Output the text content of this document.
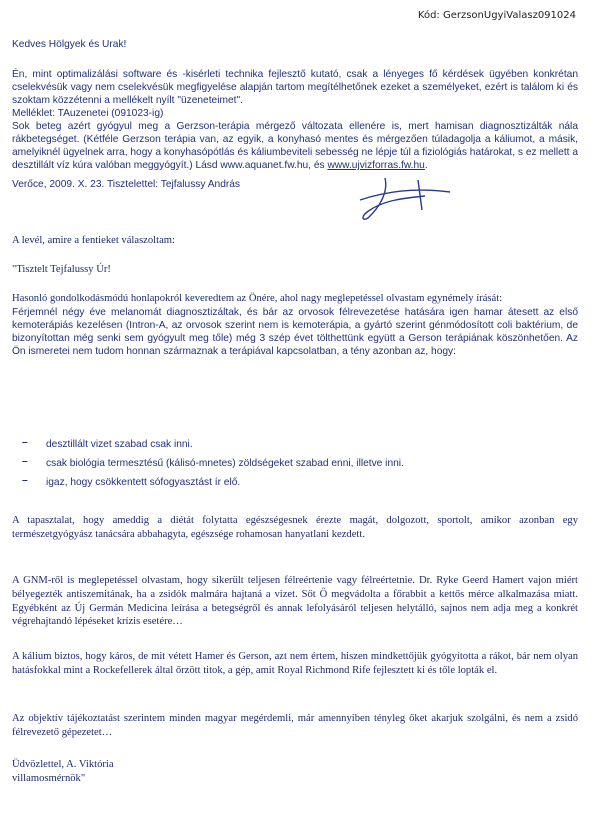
Kód: GerzsonUgyiValasz091024

Kedves Hölgyek és Urak!

Én, mint optimalizálási software és -kisérleti technika fejlesztő kutató, csak a lényeges fő kérdések ügyében konkrétan cselekvésük vagy nem cselekvésük megfigyelése alapján tartom megítélhetőnek ezeket a személyeket, ezért is találom ki és szoktam közzétenni a mellékelt nyílt "üzeneteimet".

Melléklet: TAuzenetei (091023-ig)

Sok beteg azért gyógyul meg a Gerzson-terápia mérgező változata ellenére is, mert hamisan diagnosztizálták nála rákbetegséget. (Kétféle Gerzson terápia van, az egyik, a konyhasó mentes és mérgezően túladagolja a káliumot, a másik, amelyiknél ügyelnek arra, hogy a konyhasópótlás és káliumbeviteli sebesség ne lépje túl a fiziológiás határokat, s ez mellett a desztillált víz kúra valóban meggyógyít.) Lásd www.aquanet.fw.hu, és www.ujvizforras.fw.hu.

Verőce, 2009. X. 23. Tisztelettel: Tejfalussy András

A levél, amire a fentieket válaszoltam:

"Tisztelt Tejfalussy Úr!

Hasonló gondolkodásmódú honlapokról keveredtem az Önére, ahol nagy meglepetéssel olvastam egynémely írását:

Férjemnél négy éve melanomát diagnosztizáltak, és bár az orvosok félrevezetése hatására igen hamar átesett az első kemoterápiás kezelésen (Intron-A, az orvosok szerint nem is kemoterápia, a gyártó szerint génmódosított coli baktérium, de bizonyítottan még senki sem gyógyult meg tőle) még 3 szép évet tölthettünk együtt a Gerson terápiának köszönhetően. Az Ön ismeretei nem tudom honnan származnak a terápiával kapcsolatban, a tény azonban az, hogy:

– desztillált vizet szabad csak inni.
– csak biológia termesztésű (kálisó-mnetes) zöldségeket szabad enni, illetve inni.
– igaz, hogy csökkentett sófogyasztást ír elő.

A tapasztalat, hogy ameddig a diétát folytatta egészségesnek érezte magát, dolgozott, sportolt, amikor azonban egy természetgyógyász tanácsára abbahagyta, egészsége rohamosan hanyatlani kezdett.

A GNM-ről is meglepetéssel olvastam, hogy sikerült teljesen félreértenie vagy félreértetnie. Dr. Ryke Geerd Hamert vajon miért bélyegezték antiszemitának, ha a zsidók malmára hajtaná a vizet. Sőt Ő megvádolta a főrabbit a kettős mérce alkalmazása miatt. Egyébként az Új Germán Medicina leírása a betegségről és annak lefolyásáról teljesen helytálló, sajnos nem adja meg a konkrét végrehajtandó lépéseket krízis esetére…

A kálium biztos, hogy káros, de mit vétett Hamer és Gerson, azt nem értem, hiszen mindkettőjük gyógyította a rákot, bár nem olyan hatásfokkal mint a Rockefellerek által őrzött titok, a gép, amit Royal Richmond Rife fejlesztett ki és tőle lopták el.

Az objektív tájékoztatást szerintem minden magyar megérdemli, már amennyiben tényleg őket akarjuk szolgálni, és nem a zsidó félrevezető gépezetet…

Üdvözlettel, A. Viktória

villamosmérnök"
